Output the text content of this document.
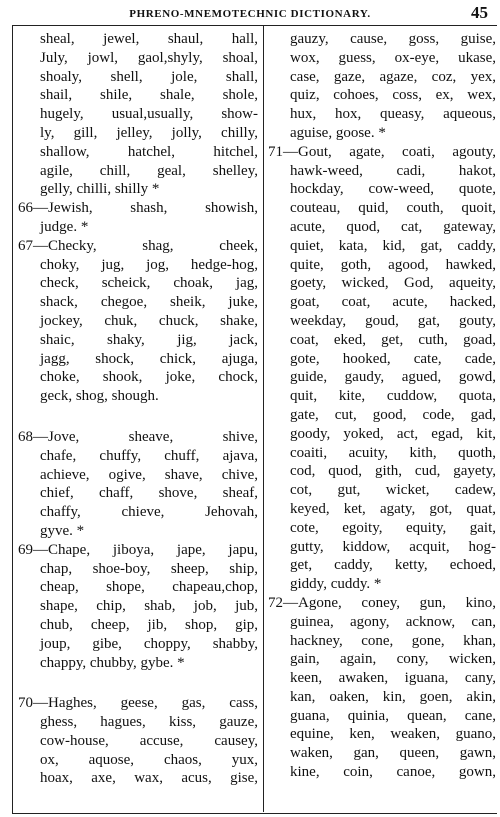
PHRENO-MNEMOTECHNIC DICTIONARY.	45
sheal, jewel, shaul, hall,
July, jowl, gaol,shyly, shoal,
shoaly, shell, jole, shall,
shail, shile, shale, shole,
hugely, usual,usually, show-
ly, gill, jelley, jolly, chilly,
shallow, hatchel, hitchel,
agile, chill, geal, shelley,
gelly, chilli, shilly *
66—Jewish, shash, showish,
judge. *
67—Checky, shag, cheek,
choky, jug, jog, hedge-hog,
check, scheick, choak, jag,
shack, chegoe, sheik, juke,
jockey, chuk, chuck, shake,
shaic, shaky, jig, jack,
jagg, shock, chick, ajuga,
choke, shook, joke, chock,
geck, shog, shough.
68—Jove, sheave, shive,
chafe, chuffy, chuff, ajava,
achieve, ogive, shave, chive,
chief, chaff, shove, sheaf,
chaffy, chieve, Jehovah,
gyve. *
69—Chape, jiboya, jape, japu,
chap, shoe-boy, sheep, ship,
cheap, shope, chapeau,chop,
shape, chip, shab, job, jub,
chub, cheep, jib, shop, gip,
joup, gibe, choppy, shabby,
chappy, chubby, gybe. *
70—Haghes, geese, gas, cass,
ghess, hagues, kiss, gauze,
cow-house, accuse, causey,
ox, aquose, chaos, yux,
hoax, axe, wax, acus, gise,
gauzy, cause, goss, guise,
wox, guess, ox-eye, ukase,
case, gaze, agaze, coz, yex,
quiz, cohoes, coss, ex, wex,
hux, hox, queasy, aqueous,
aguise, goose. *
71—Gout, agate, coati, agouty,
hawk-weed, cadi, hakot,
hockday, cow-weed, quote,
couteau, quid, couth, quoit,
acute, quod, cat, gateway,
quiet, kata, kid, gat, caddy,
quite, goth, agood, hawked,
goety, wicked, God, aqueity,
goat, coat, acute, hacked,
weekday, goud, gat, gouty,
coat, eked, get, cuth, goad,
gote, hooked, cate, cade,
guide, gaudy, agued, gowd,
quit, kite, cuddow, quota,
gate, cut, good, code, gad,
goody, yoked, act, egad, kit,
coaiti, acuity, kith, quoth,
cod, quod, gith, cud, gayety,
cot, gut, wicket, cadew,
keyed, ket, agaty, got, quat,
cote, egoity, equity, gait,
gutty, kiddow, acquit, hog-
get, caddy, ketty, echoed,
giddy, cuddy. *
72—Agone, coney, gun, kino,
guinea, agony, acknow, can,
hackney, cone, gone, khan,
gain, again, cony, wicken,
keen, awaken, iguana, cany,
kan, oaken, kin, goen, akin,
guana, quinia, quean, cane,
equine, ken, weaken, guano,
waken, gan, queen, gawn,
kine, coin, canoe, gown,
